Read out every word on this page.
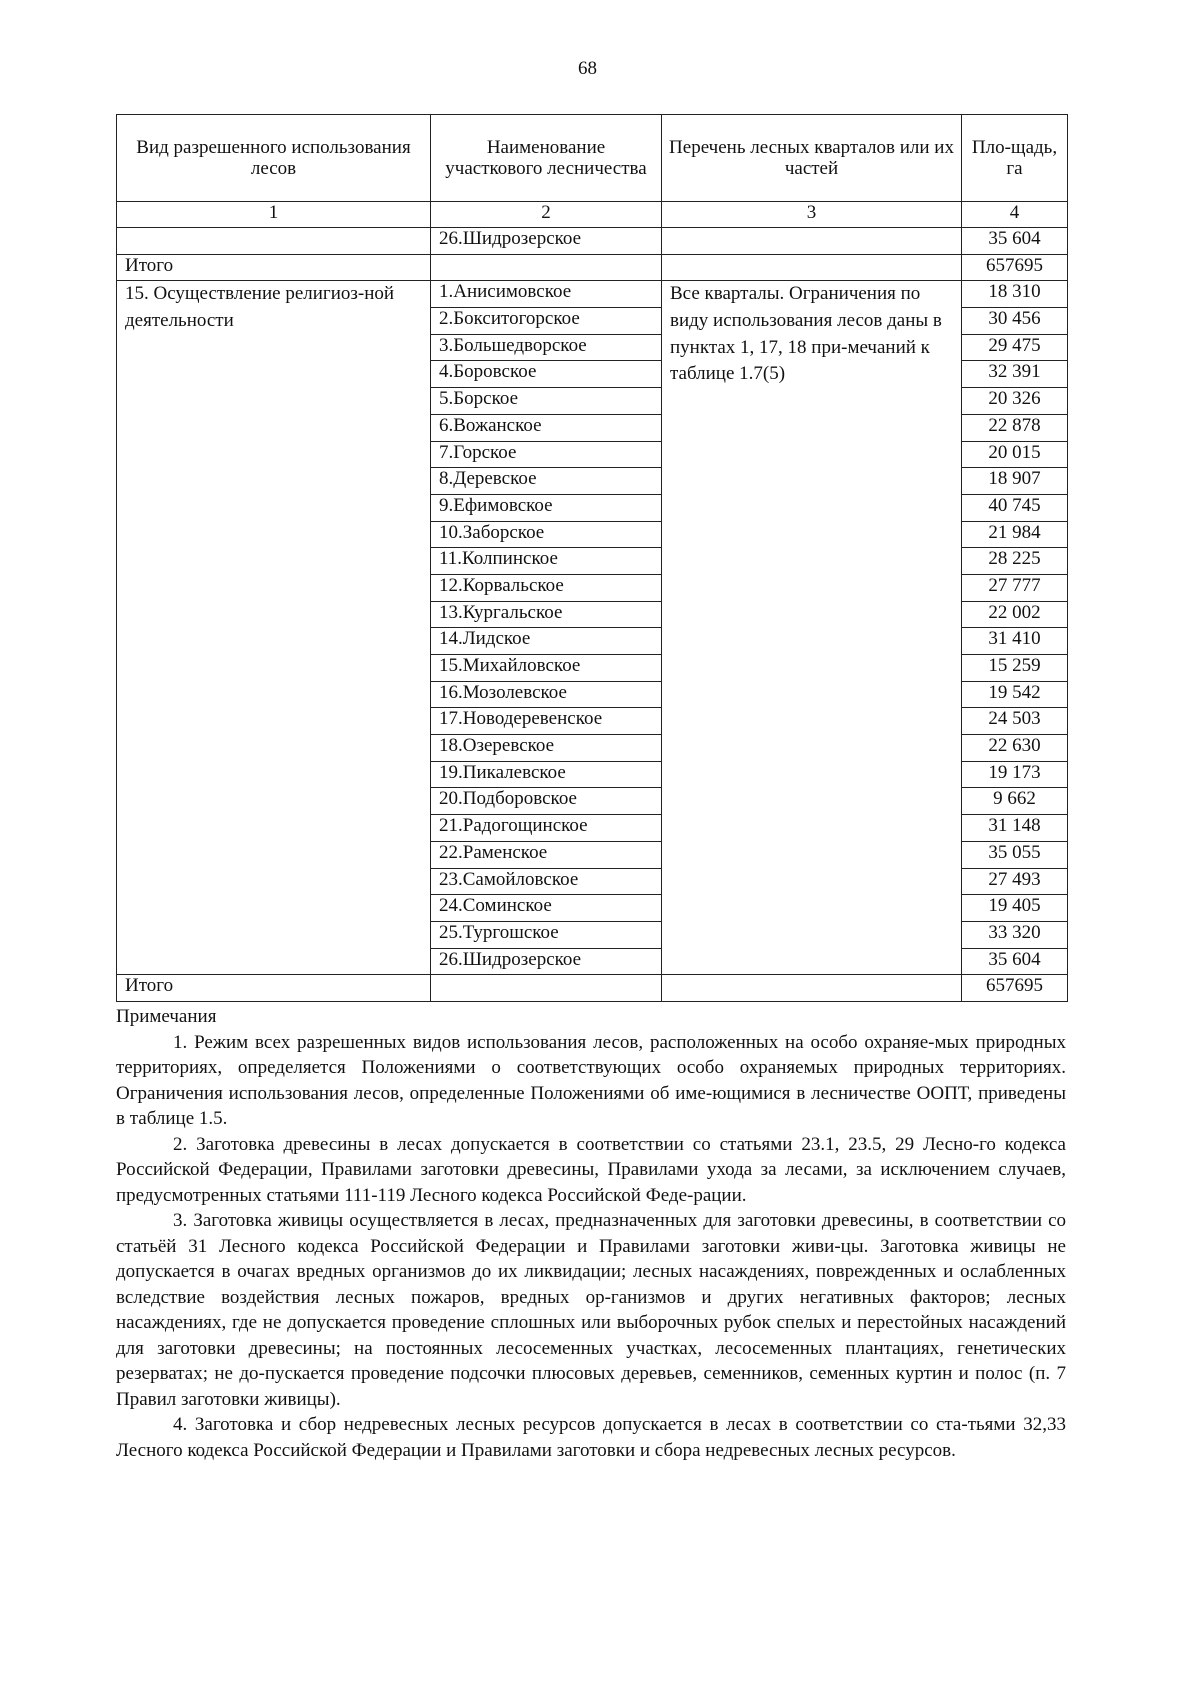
68
Вид разрешенного использования лесов	Наименование участкового лесничества	Перечень лесных кварталов или их частей	Пло-щадь, га
1	2	3	4
	26.Шидрозерское		35 604
Итого			657695
15. Осуществление религиоз-ной деятельности	1.Анисимовское	Все кварталы. Ограничения по виду использования лесов даны в пунктах 1, 17, 18 при-мечаний к таблице 1.7(5)	18 310
	2.Бокситогорское		30 456
	3.Большедворское		29 475
	4.Боровское		32 391
	5.Борское		20 326
	6.Вожанское		22 878
	7.Горское		20 015
	8.Деревское		18 907
	9.Ефимовское		40 745
	10.Заборское		21 984
	11.Колпинское		28 225
	12.Корвальское		27 777
	13.Кургальское		22 002
	14.Лидское		31 410
	15.Михайловское		15 259
	16.Мозолевское		19 542
	17.Новодеревенское		24 503
	18.Озеревское		22 630
	19.Пикалевское		19 173
	20.Подборовское		9 662
	21.Радогощинское		31 148
	22.Раменское		35 055
	23.Самойловское		27 493
	24.Соминское		19 405
	25.Тургошское		33 320
	26.Шидрозерское		35 604
Итого			657695

Примечания

1. Режим всех разрешенных видов использования лесов, расположенных на особо охраняе-мых природных территориях, определяется Положениями о соответствующих особо охраняемых природных территориях. Ограничения использования лесов, определенные Положениями об име-ющимися в лесничестве ООПТ, приведены в таблице 1.5.

2. Заготовка древесины в лесах допускается в соответствии со статьями 23.1, 23.5, 29 Лесно-го кодекса Российской Федерации, Правилами заготовки древесины, Правилами ухода за лесами, за исключением случаев, предусмотренных статьями 111-119 Лесного кодекса Российской Феде-рации.

3. Заготовка живицы осуществляется в лесах, предназначенных для заготовки древесины, в соответствии со статьёй 31 Лесного кодекса Российской Федерации и Правилами заготовки живи-цы. Заготовка живицы не допускается в очагах вредных организмов до их ликвидации; лесных насаждениях, поврежденных и ослабленных вследствие воздействия лесных пожаров, вредных ор-ганизмов и других негативных факторов; лесных насаждениях, где не допускается проведение сплошных или выборочных рубок спелых и перестойных насаждений для заготовки древесины; на постоянных лесосеменных участках, лесосеменных плантациях, генетических резерватах; не до-пускается проведение подсочки плюсовых деревьев, семенников, семенных куртин и полос (п. 7 Правил заготовки живицы).

4. Заготовка и сбор недревесных лесных ресурсов допускается в лесах в соответствии со ста-тьями 32,33 Лесного кодекса Российской Федерации и Правилами заготовки и сбора недревесных лесных ресурсов.
